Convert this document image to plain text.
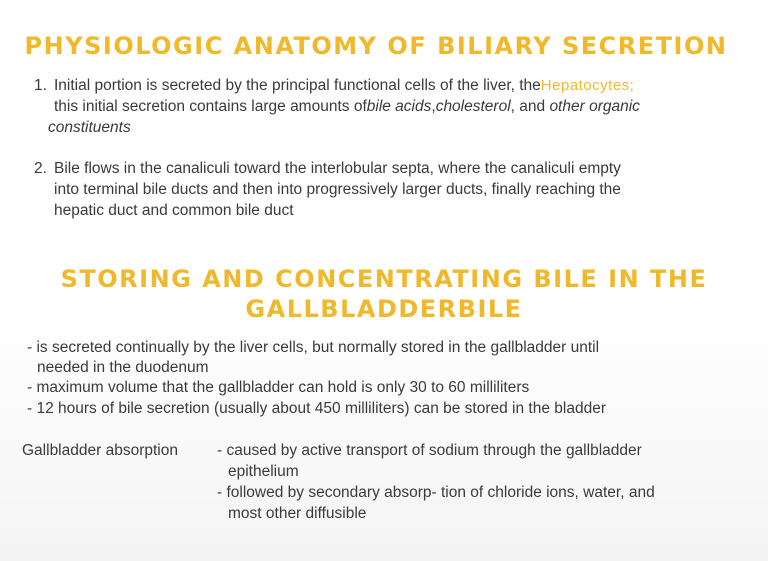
PHYSIOLOGIC ANATOMY OF BILIARY SECRETION
1. Initial portion is secreted by the principal functional cells of the liver, theHepatocytes;

this initial secretion contains large amounts ofbile acids,cholesterol, and other organic

constituents

2. Bile flows in the canaliculi toward the interlobular septa, where the canaliculi empty

into terminal bile ducts and then into progressively larger ducts, finally reaching the

hepatic duct and common bile duct

STORING AND CONCENTRATING BILE IN THE
GALLBLADDERBILE

- is secreted continually by the liver cells, but normally stored in the gallbladder until

needed in the duodenum

- maximum volume that the gallbladder can hold is only 30 to 60 milliliters

- 12 hours of bile secretion (usually about 450 milliliters) can be stored in the bladder

Gallbladder absorption	- caused by active transport of sodium through the gallbladder

epithelium

- followed by secondary absorp- tion of chloride ions, water, and

most other diffusible
